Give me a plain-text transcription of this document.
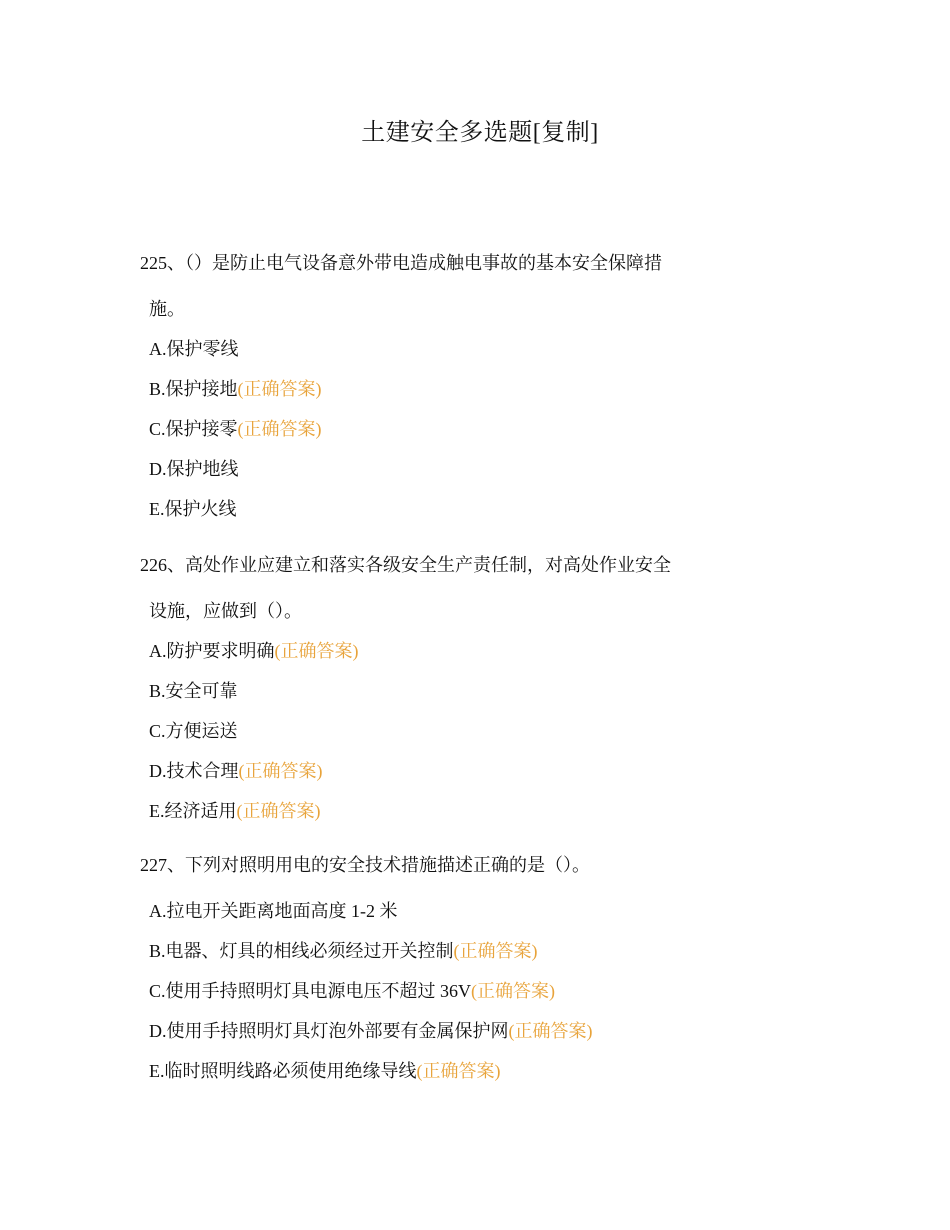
土建安全多选题[复制]
225、（）是防止电气设备意外带电造成触电事故的基本安全保障措
施。
A.保护零线
B.保护接地(正确答案)
C.保护接零(正确答案)
D.保护地线
E.保护火线
226、高处作业应建立和落实各级安全生产责任制，对高处作业安全
设施，应做到（）。
A.防护要求明确(正确答案)
B.安全可靠
C.方便运送
D.技术合理(正确答案)
E.经济适用(正确答案)
227、下列对照明用电的安全技术措施描述正确的是（）。
A.拉电开关距离地面高度 1-2 米
B.电器、灯具的相线必须经过开关控制(正确答案)
C.使用手持照明灯具电源电压不超过 36V(正确答案)
D.使用手持照明灯具灯泡外部要有金属保护网(正确答案)
E.临时照明线路必须使用绝缘导线(正确答案)
